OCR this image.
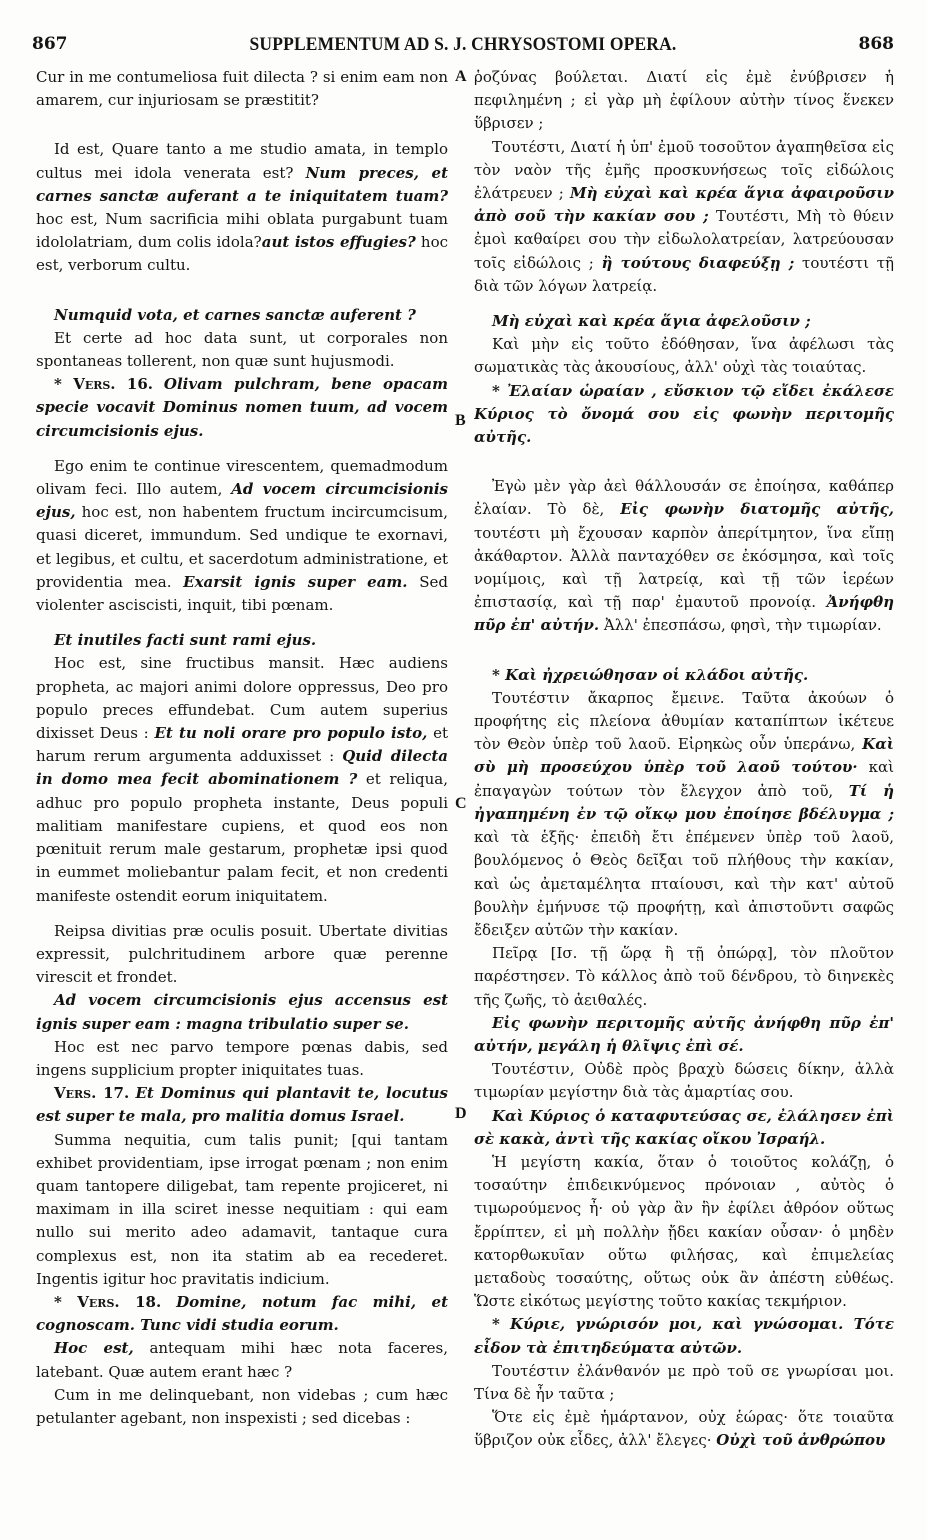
867	SUPPLEMENTUM AD S. J. CHRYSOSTOMI OPERA.	868
A
B
C
D

Cur in me contumeliosa fuit dilecta ? si enim eam non amarem, cur injuriosam se præstitit?

Id est, Quare tanto a me studio amata, in templo cultus mei idola venerata est? Num preces, et carnes sanctæ auferant a te iniquitatem tuam? hoc est, Num sacrificia mihi oblata purgabunt tuam idololatriam, dum colis idola?aut istos effugies? hoc est, verborum cultu.

Numquid vota, et carnes sanctæ auferent ?

Et certe ad hoc data sunt, ut corporales non spontaneas tollerent, non quæ sunt hujusmodi.

* Vers. 16. Olivam pulchram, bene opacam specie vocavit Dominus nomen tuum, ad vocem circumcisionis ejus.

Ego enim te continue virescentem, quemadmodum olivam feci. Illo autem, Ad vocem circumcisionis ejus, hoc est, non habentem fructum incircumcisum, quasi diceret, immundum. Sed undique te exornavi, et legibus, et cultu, et sacerdotum administratione, et providentia mea. Exarsit ignis super eam. Sed violenter asciscisti, inquit, tibi pœnam.

Et inutiles facti sunt rami ejus.

Hoc est, sine fructibus mansit. Hæc audiens propheta, ac majori animi dolore oppressus, Deo pro populo preces effundebat. Cum autem superius dixisset Deus : Et tu noli orare pro populo isto, et harum rerum argumenta adduxisset : Quid dilecta in domo mea fecit abominationem ? et reliqua, adhuc pro populo propheta instante, Deus populi malitiam manifestare cupiens, et quod eos non pœnituit rerum male gestarum, prophetæ ipsi quod in eummet moliebantur palam fecit, et non credenti manifeste ostendit eorum iniquitatem.

Reipsa divitias præ oculis posuit. Ubertate divitias expressit, pulchritudinem arbore quæ perenne virescit et frondet.

Ad vocem circumcisionis ejus accensus est ignis super eam : magna tribulatio super se.

Hoc est nec parvo tempore pœnas dabis, sed ingens supplicium propter iniquitates tuas.

Vers. 17. Et Dominus qui plantavit te, locutus est super te mala, pro malitia domus Israel.

Summa nequitia, cum talis punit; [qui tantam exhibet providentiam, ipse irrogat pœnam ; non enim quam tantopere diligebat, tam repente projiceret, ni maximam in illa sciret inesse nequitiam : qui eam nullo sui merito adeo adamavit, tantaque cura complexus est, non ita statim ab ea recederet. Ingentis igitur hoc pravitatis indicium.

* Vers. 18. Domine, notum fac mihi, et cognoscam. Tunc vidi studia eorum.

Hoc est, antequam mihi hæc nota faceres, latebant. Quæ autem erant hæc ?

Cum in me delinquebant, non videbas ; cum hæc petulanter agebant, non inspexisti ; sed dicebas :

ῥοζύνας βούλεται. Διατί εἰς ἐμὲ ἐνύβρισεν ἡ πεφιλημένη ; εἰ γὰρ μὴ ἐφίλουν αὐτὴν τίνος ἕνεκεν ὕβρισεν ;

Τουτέστι, Διατί ἡ ὑπ' ἐμοῦ τοσοῦτον ἀγαπηθεῖσα εἰς τὸν ναὸν τῆς ἐμῆς προσκυνήσεως τοῖς εἰδώλοις ἐλάτρευεν ; Μὴ εὐχαὶ καὶ κρέα ἅγια ἀφαιροῦσιν ἀπὸ σοῦ τὴν κακίαν σου ; Τουτέστι, Μὴ τὸ θύειν ἐμοὶ καθαίρει σου τὴν εἰδωλολατρείαν, λατρεύουσαν τοῖς εἰδώλοις ; ἢ τούτους διαφεύξῃ ; τουτέστι τῇ διὰ τῶν λόγων λατρείᾳ.

Μὴ εὐχαὶ καὶ κρέα ἅγια ἀφελοῦσιν ;

Καὶ μὴν εἰς τοῦτο ἐδόθησαν, ἵνα ἀφέλωσι τὰς σωματικὰς τὰς ἀκουσίους, ἀλλ' οὐχὶ τὰς τοιαύτας.

* Ἐλαίαν ὡραίαν , εὔσκιον τῷ εἴδει ἐκάλεσε Κύριος τὸ ὄνομά σου εἰς φωνὴν περιτομῆς αὐτῆς.

Ἐγὼ μὲν γὰρ ἀεὶ θάλλουσάν σε ἐποίησα, καθάπερ ἐλαίαν. Τὸ δὲ, Εἰς φωνὴν διατομῆς αὐτῆς, τουτέστι μὴ ἔχουσαν καρπὸν ἀπερίτμητον, ἵνα εἴπῃ ἀκάθαρτον. Ἀλλὰ πανταχόθεν σε ἐκόσμησα, καὶ τοῖς νομίμοις, καὶ τῇ λατρείᾳ, καὶ τῇ τῶν ἱερέων ἐπιστασίᾳ, καὶ τῇ παρ' ἐμαυτοῦ προνοίᾳ. Ἀνήφθη πῦρ ἐπ' αὐτήν. Ἀλλ' ἐπεσπάσω, φησὶ, τὴν τιμωρίαν.

* Καὶ ἠχρειώθησαν οἱ κλάδοι αὐτῆς.

Τουτέστιν ἄκαρπος ἔμεινε. Ταῦτα ἀκούων ὁ προφήτης εἰς πλείονα ἀθυμίαν καταπίπτων ἱκέτευε τὸν Θεὸν ὑπὲρ τοῦ λαοῦ. Εἰρηκὼς οὖν ὑπεράνω, Καὶ σὺ μὴ προσεύχου ὑπὲρ τοῦ λαοῦ τούτου· καὶ ἐπαγαγὼν τούτων τὸν ἔλεγχον ἀπὸ τοῦ, Τί ἡ ἠγαπημένη ἐν τῷ οἴκῳ μου ἐποίησε βδέλυγμα ; καὶ τὰ ἑξῆς· ἐπειδὴ ἔτι ἐπέμενεν ὑπὲρ τοῦ λαοῦ, βουλόμενος ὁ Θεὸς δεῖξαι τοῦ πλήθους τὴν κακίαν, καὶ ὡς ἀμεταμέλητα πταίουσι, καὶ τὴν κατ' αὐτοῦ βουλὴν ἐμήνυσε τῷ προφήτῃ, καὶ ἀπιστοῦντι σαφῶς ἔδειξεν αὐτῶν τὴν κακίαν.

Πεῖρᾳ [Ισ. τῇ ὥρᾳ ἢ τῇ ὀπώρᾳ], τὸν πλοῦτον παρέστησεν. Τὸ κάλλος ἀπὸ τοῦ δένδρου, τὸ διηνεκὲς τῆς ζωῆς, τὸ ἀειθαλές.

Εἰς φωνὴν περιτομῆς αὐτῆς ἀνήφθη πῦρ ἐπ' αὐτήν, μεγάλη ἡ θλῖψις ἐπὶ σέ.

Τουτέστιν, Οὐδὲ πρὸς βραχὺ δώσεις δίκην, ἀλλὰ τιμωρίαν μεγίστην διὰ τὰς ἁμαρτίας σου.

Καὶ Κύριος ὁ καταφυτεύσας σε, ἐλάλησεν ἐπὶ σὲ κακὰ, ἀντὶ τῆς κακίας οἴκου Ἰσραήλ.

Ἡ μεγίστη κακία, ὅταν ὁ τοιοῦτος κολάζῃ, ὁ τοσαύτην ἐπιδεικνύμενος πρόνοιαν , αὐτὸς ὁ τιμωρούμενος ἦ· οὐ γὰρ ἂν ἣν ἐφίλει ἀθρόον οὕτως ἔρρίπτεν, εἰ μὴ πολλὴν ᾔδει κακίαν οὖσαν· ὁ μηδὲν κατορθωκυῖαν οὕτω φιλήσας, καὶ ἐπιμελείας μεταδοὺς τοσαύτης, οὕτως οὐκ ἂν ἀπέστη εὐθέως. Ὥστε εἰκότως μεγίστης τοῦτο κακίας τεκμήριον.

* Κύριε, γνώρισόν μοι, καὶ γνώσομαι. Τότε εἶδον τὰ ἐπιτηδεύματα αὐτῶν.

Τουτέστιν ἐλάνθανόν με πρὸ τοῦ σε γνωρίσαι μοι. Τίνα δὲ ἦν ταῦτα ;

Ὅτε εἰς ἐμὲ ἡμάρτανον, οὐχ ἑώρας· ὅτε τοιαῦτα ὕβριζον οὐκ εἶδες, ἀλλ' ἔλεγες· Οὐχὶ τοῦ ἀνθρώπου
